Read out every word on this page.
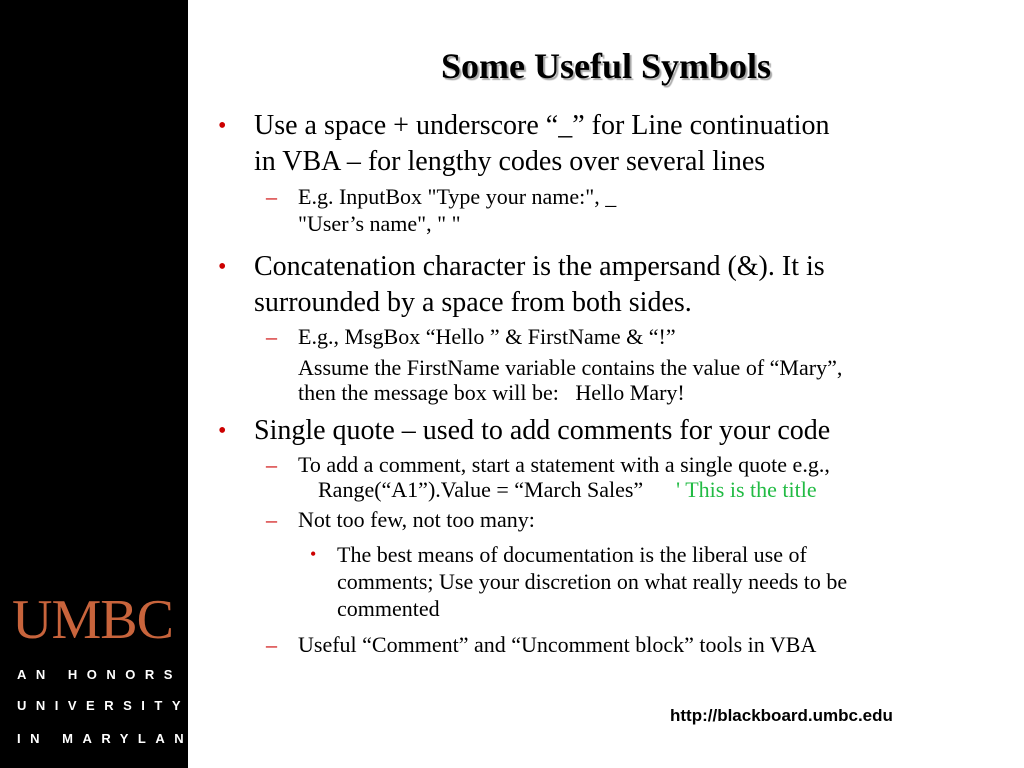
UMBC
AN HONORS
UNIVERSITY
IN MARYLAND
Some Useful Symbols
• Use a space + underscore “_” for Line continuation
in VBA – for lengthy codes over several lines
– E.g. InputBox "Type your name:", _
"User’s name", " "
• Concatenation character is the ampersand (&). It is
surrounded by a space from both sides.
– E.g., MsgBox “Hello ” & FirstName & “!”
Assume the FirstName variable contains the value of “Mary”,
then the message box will be: Hello Mary!
• Single quote – used to add comments for your code
– To add a comment, start a statement with a single quote e.g.,
Range(“A1”).Value = “March Sales” ' This is the title
– Not too few, not too many:
• The best means of documentation is the liberal use of
comments; Use your discretion on what really needs to be
commented
– Useful “Comment” and “Uncomment block” tools in VBA
http://blackboard.umbc.edu
